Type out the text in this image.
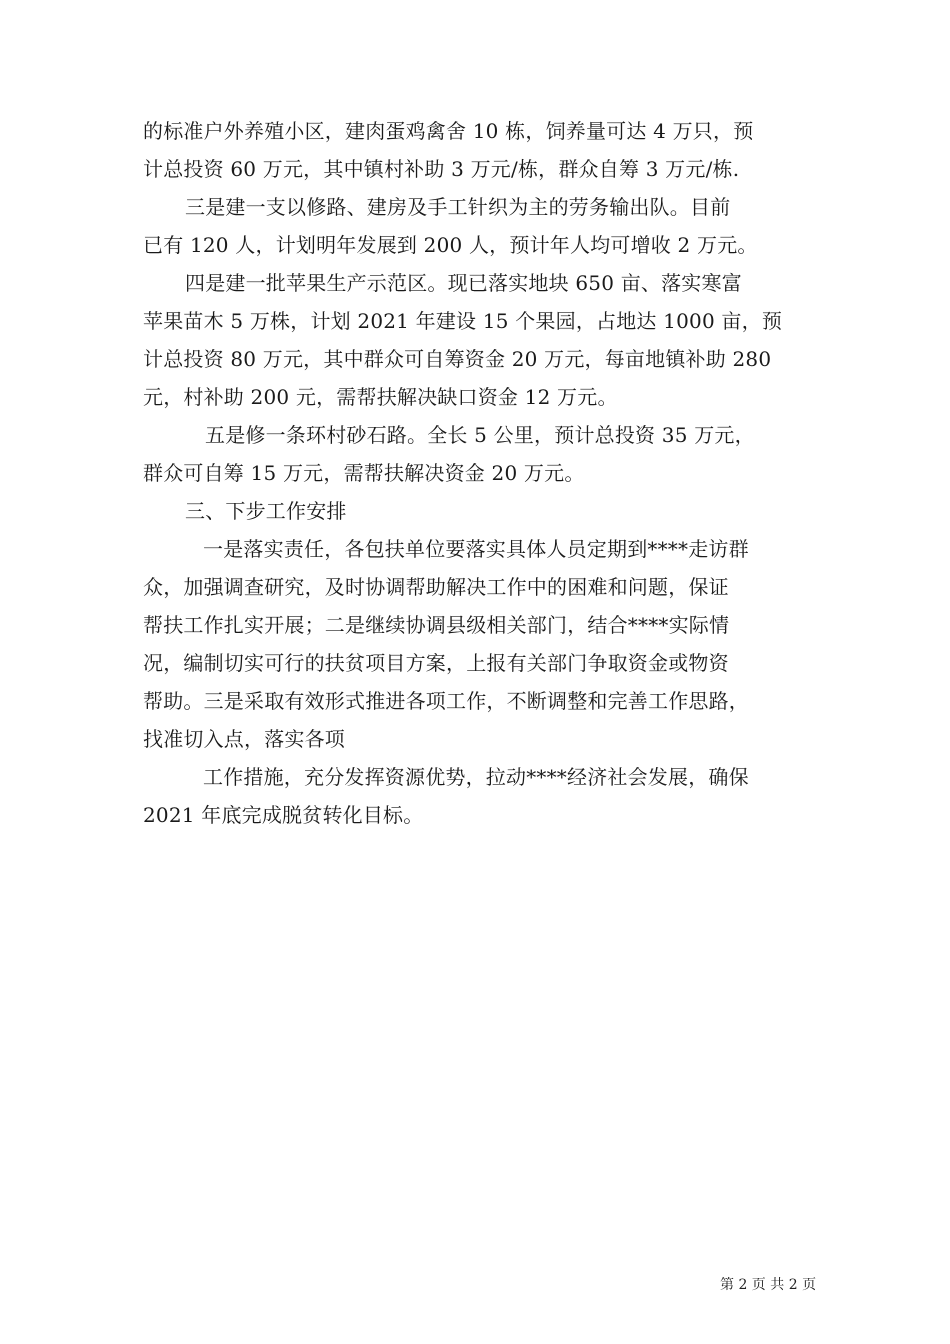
的标准户外养殖小区，建肉蛋鸡禽舍 10 栋，饲养量可达 4 万只，预
计总投资 60 万元，其中镇村补助 3 万元/栋，群众自筹 3 万元/栋.
三是建一支以修路、建房及手工针织为主的劳务输出队。目前
已有 120 人，计划明年发展到 200 人，预计年人均可增收 2 万元。
四是建一批苹果生产示范区。现已落实地块 650 亩、落实寒富
苹果苗木 5 万株，计划 2021 年建设 15 个果园，占地达 1000 亩，预
计总投资 80 万元，其中群众可自筹资金 20 万元，每亩地镇补助 280
元，村补助 200 元，需帮扶解决缺口资金 12 万元。
五是修一条环村砂石路。全长 5 公里，预计总投资 35 万元，
群众可自筹 15 万元，需帮扶解决资金 20 万元。
三、下步工作安排
一是落实责任，各包扶单位要落实具体人员定期到****走访群
众，加强调查研究，及时协调帮助解决工作中的困难和问题，保证
帮扶工作扎实开展；二是继续协调县级相关部门，结合****实际情
况，编制切实可行的扶贫项目方案，上报有关部门争取资金或物资
帮助。三是采取有效形式推进各项工作，不断调整和完善工作思路，
找准切入点，落实各项
工作措施，充分发挥资源优势，拉动****经济社会发展，确保
2021 年底完成脱贫转化目标。
第 2 页 共 2 页
